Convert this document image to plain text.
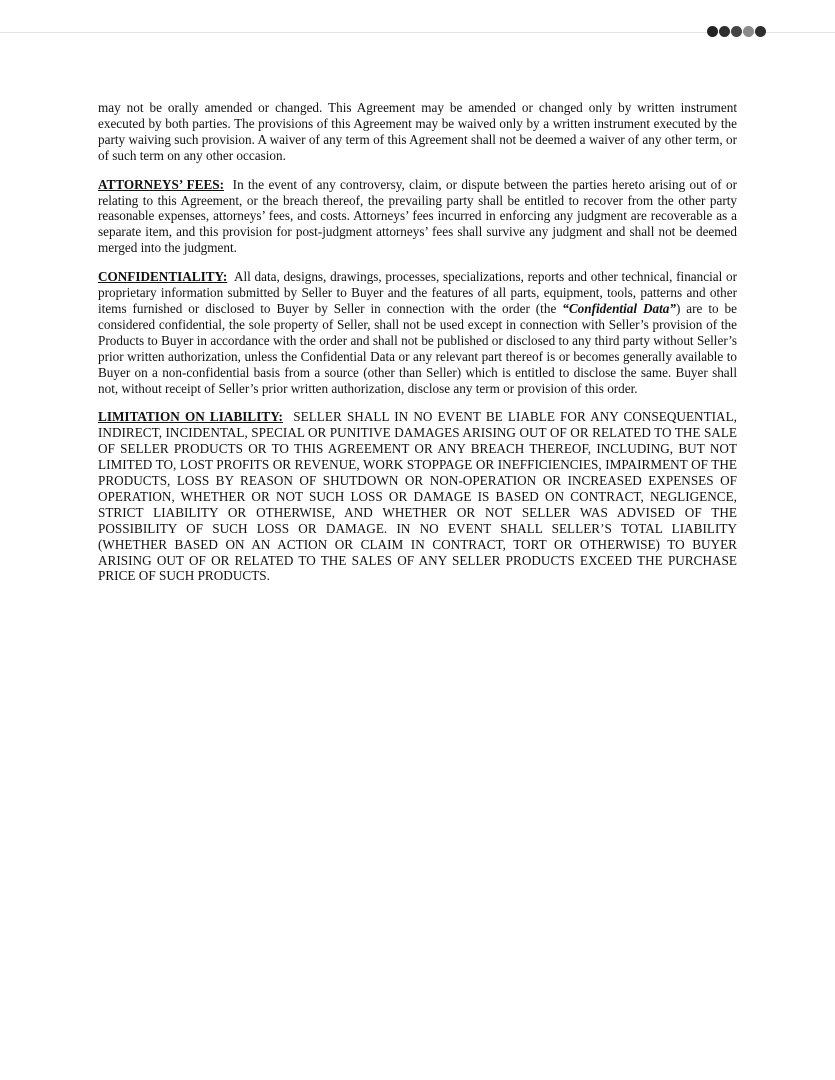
may not be orally amended or changed. This Agreement may be amended or changed only by written instrument executed by both parties. The provisions of this Agreement may be waived only by a written instrument executed by the party waiving such provision. A waiver of any term of this Agreement shall not be deemed a waiver of any other term, or of such term on any other occasion.

ATTORNEYS’ FEES: In the event of any controversy, claim, or dispute between the parties hereto arising out of or relating to this Agreement, or the breach thereof, the prevailing party shall be entitled to recover from the other party reasonable expenses, attorneys’ fees, and costs. Attorneys’ fees incurred in enforcing any judgment are recoverable as a separate item, and this provision for post-judgment attorneys’ fees shall survive any judgment and shall not be deemed merged into the judgment.

CONFIDENTIALITY: All data, designs, drawings, processes, specializations, reports and other technical, financial or proprietary information submitted by Seller to Buyer and the features of all parts, equipment, tools, patterns and other items furnished or disclosed to Buyer by Seller in connection with the order (the “Confidential Data”) are to be considered confidential, the sole property of Seller, shall not be used except in connection with Seller’s provision of the Products to Buyer in accordance with the order and shall not be published or disclosed to any third party without Seller’s prior written authorization, unless the Confidential Data or any relevant part thereof is or becomes generally available to Buyer on a non-confidential basis from a source (other than Seller) which is entitled to disclose the same. Buyer shall not, without receipt of Seller’s prior written authorization, disclose any term or provision of this order.

LIMITATION ON LIABILITY: SELLER SHALL IN NO EVENT BE LIABLE FOR ANY CONSEQUENTIAL, INDIRECT, INCIDENTAL, SPECIAL OR PUNITIVE DAMAGES ARISING OUT OF OR RELATED TO THE SALE OF SELLER PRODUCTS OR TO THIS AGREEMENT OR ANY BREACH THEREOF, INCLUDING, BUT NOT LIMITED TO, LOST PROFITS OR REVENUE, WORK STOPPAGE OR INEFFICIENCIES, IMPAIRMENT OF THE PRODUCTS, LOSS BY REASON OF SHUTDOWN OR NON-OPERATION OR INCREASED EXPENSES OF OPERATION, WHETHER OR NOT SUCH LOSS OR DAMAGE IS BASED ON CONTRACT, NEGLIGENCE, STRICT LIABILITY OR OTHERWISE, AND WHETHER OR NOT SELLER WAS ADVISED OF THE POSSIBILITY OF SUCH LOSS OR DAMAGE. IN NO EVENT SHALL SELLER’S TOTAL LIABILITY (WHETHER BASED ON AN ACTION OR CLAIM IN CONTRACT, TORT OR OTHERWISE) TO BUYER ARISING OUT OF OR RELATED TO THE SALES OF ANY SELLER PRODUCTS EXCEED THE PURCHASE PRICE OF SUCH PRODUCTS.
